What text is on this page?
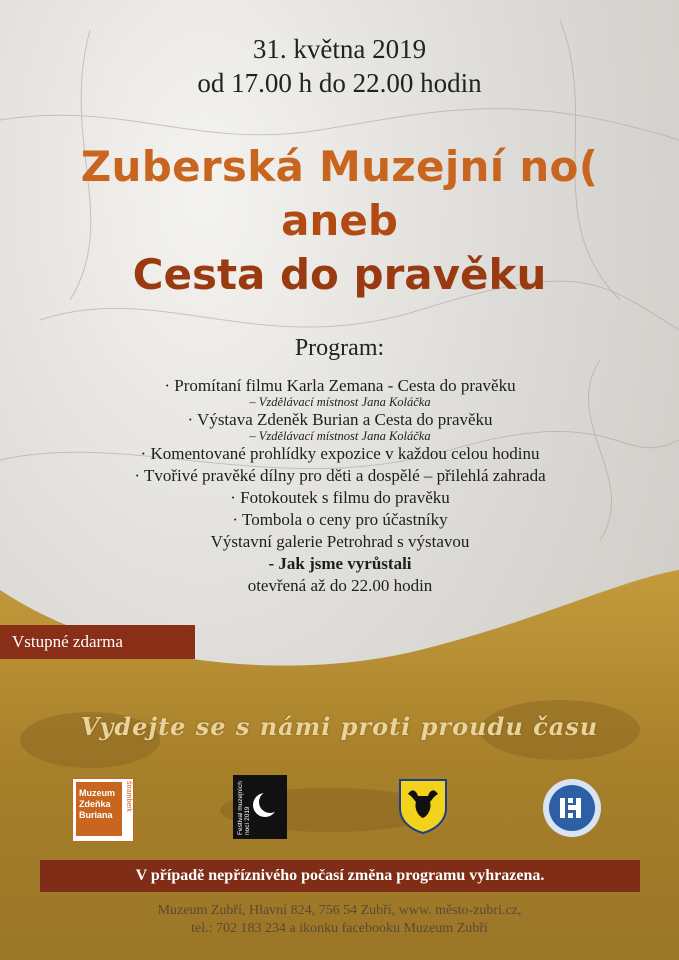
31. května 2019
od 17.00 h do 22.00 hodin
Zuberská Muzejní no(
aneb
Cesta do pravěku
Program:
· Promítaní filmu Karla Zemana - Cesta do pravěku
– Vzdělávací místnost Jana Koláčka
· Výstava Zdeněk Burian a Cesta do pravěku
– Vzdělávací místnost Jana Koláčka
· Komentované prohlídky expozice v každou celou hodinu
· Tvořivé pravěké dílny pro děti a dospělé – přilehlá zahrada
· Fotokoutek s filmu do pravěku
· Tombola o ceny pro účastníky
Výstavní galerie Petrohrad s výstavou
- Jak jsme vyrůstali
otevřená až do 22.00 hodin
Vstupné zdarma
Vydejte se s námi proti proudu času
Muzeum
Zdeňka
Buriana
štramberk	Festival muzejních nocí 2019
V případě nepříznivého počasí změna programu vyhrazena.
Muzeum Zubří, Hlavní 824, 756 54 Zubří, www. město-zubri.cz,
tel.: 702 183 234 a ikonku facebooku Muzeum Zubří
